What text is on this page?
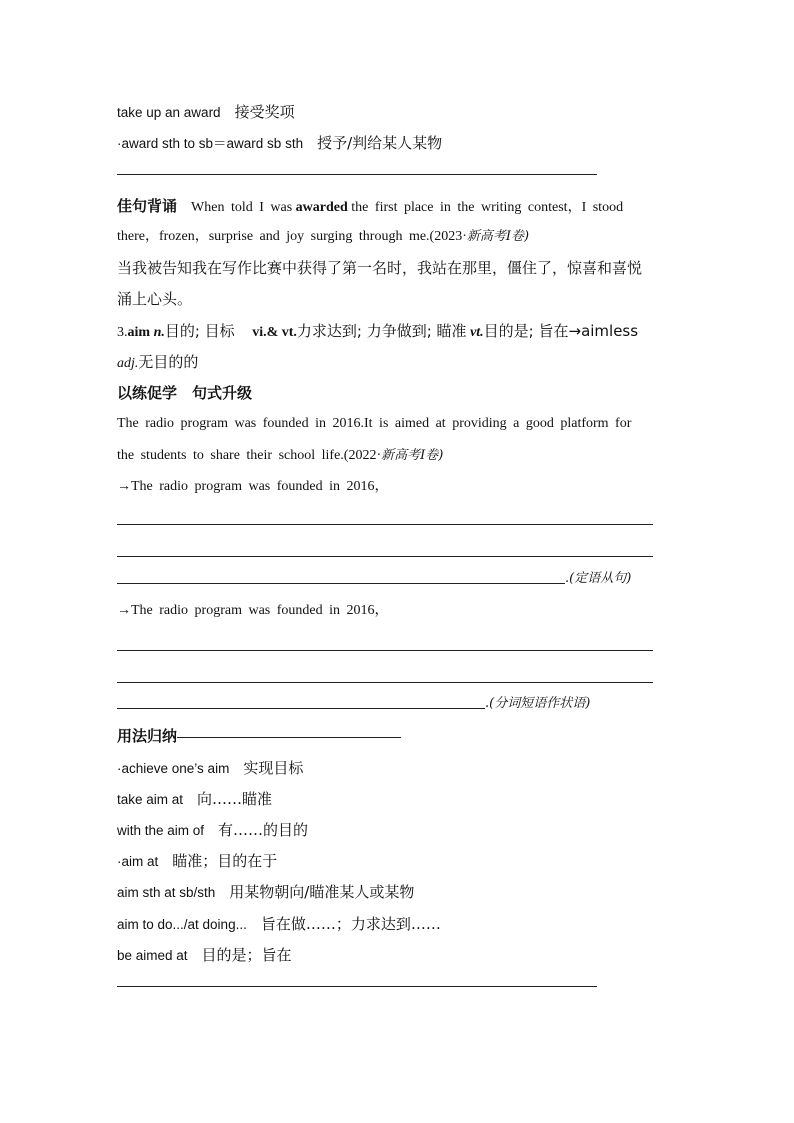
take up an award 接受奖项
·award sth to sb＝award sb sth 授予/判给某人某物
佳句背诵 When told I was awarded the first place in the writing contest，I stood
there，frozen，surprise and joy surging through me.(2023·新高考Ⅰ卷)
当我被告知我在写作比赛中获得了第一名时，我站在那里，僵住了，惊喜和喜悦
涌上心头。
3.aim n.目的; 目标 vi.& vt.力求达到; 力争做到; 瞄准 vt.目的是; 旨在→aimless
adj.无目的的
以练促学　句式升级
The radio program was founded in 2016.It is aimed at providing a good platform for
the students to share their school life.(2022·新高考Ⅰ卷)
→The radio program was founded in 2016，
.(定语从句)
→The radio program was founded in 2016，
.(分词短语作状语)
用法归纳
·achieve one’s aim 实现目标
take aim at 向……瞄准
with the aim of 有……的目的
·aim at 瞄准；目的在于
aim sth at sb/sth 用某物朝向/瞄准某人或某物
aim to do.../at doing... 旨在做……；力求达到……
be aimed at 目的是；旨在
